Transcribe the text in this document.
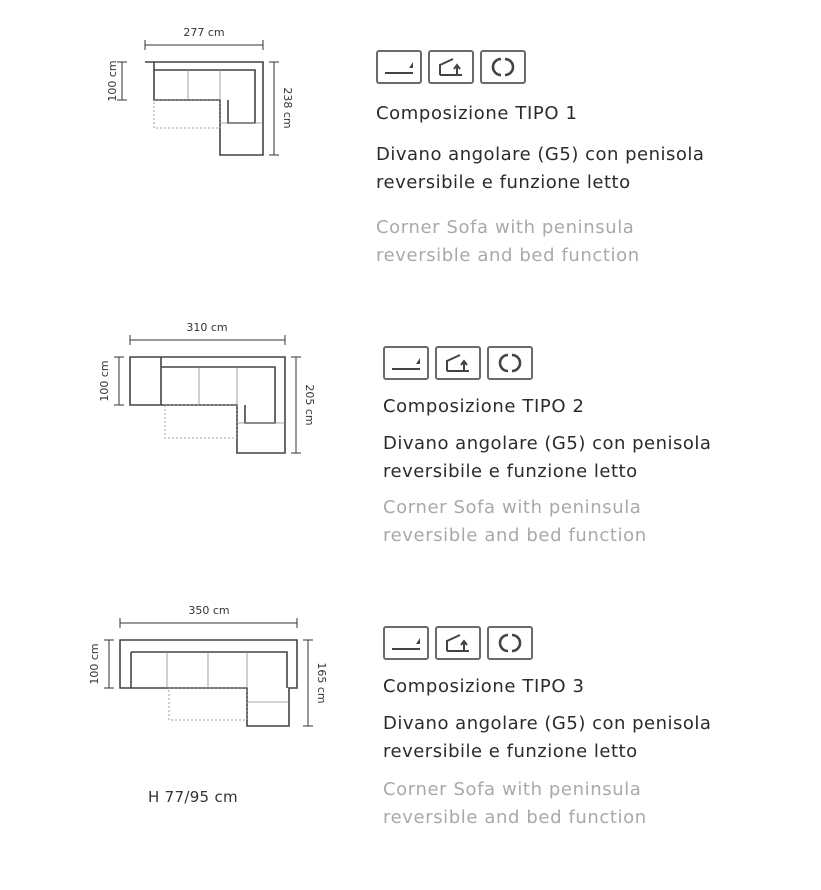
277 cm
100 cm
238 cm	Composizione TIPO 1
Divano angolare (G5) con penisola
reversibile e funzione letto
Corner Sofa with peninsula
reversible and bed function
310 cm
100 cm
205 cm	Composizione TIPO 2
Divano angolare (G5) con penisola
reversibile e funzione letto
Corner Sofa with peninsula
reversible and bed function
350 cm
100 cm	165 cm	Composizione TIPO 3
Divano angolare (G5) con penisola
reversibile e funzione letto
Corner Sofa with peninsula
reversible and bed function
H 77/95 cm
